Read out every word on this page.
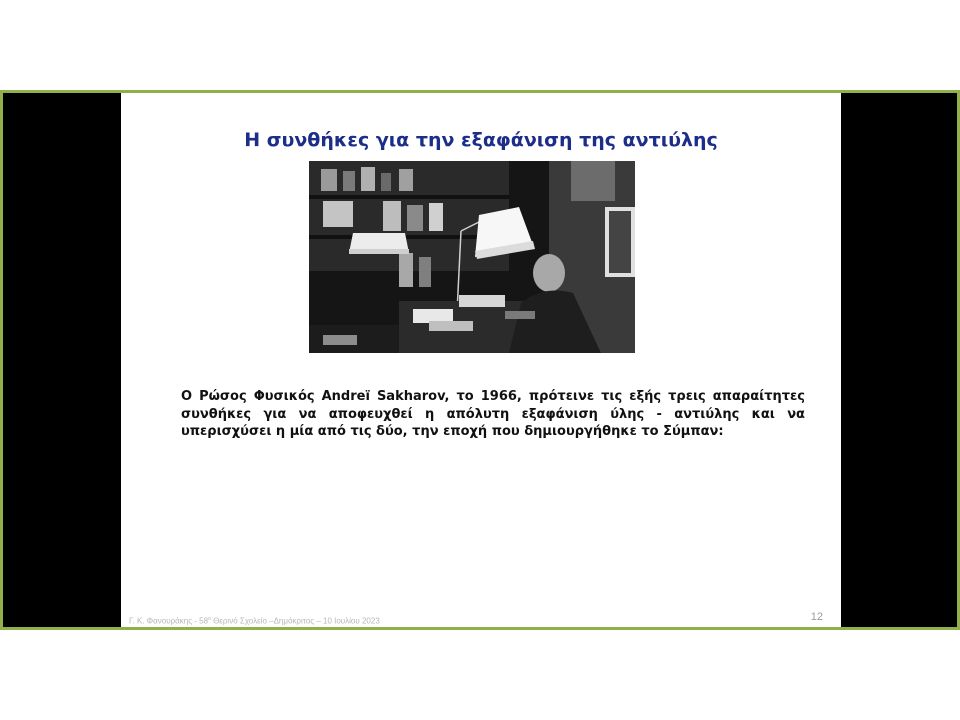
Η συνθήκες για την εξαφάνιση της αντιύλης

Ο Ρώσος Φυσικός Andreï Sakharov, το 1966, πρότεινε τις εξής τρεις απαραίτητες συνθήκες για να αποφευχθεί η απόλυτη εξαφάνιση ύλης - αντιύλης και να υπερισχύσει η μία από τις δύο, την εποχή που δημιουργήθηκε το Σύμπαν:

Γ. Κ. Φανουράκης - $58^o$ Θερινό Σχολείο –Δημόκριτος – 10 Ιουλίου 2023	12
